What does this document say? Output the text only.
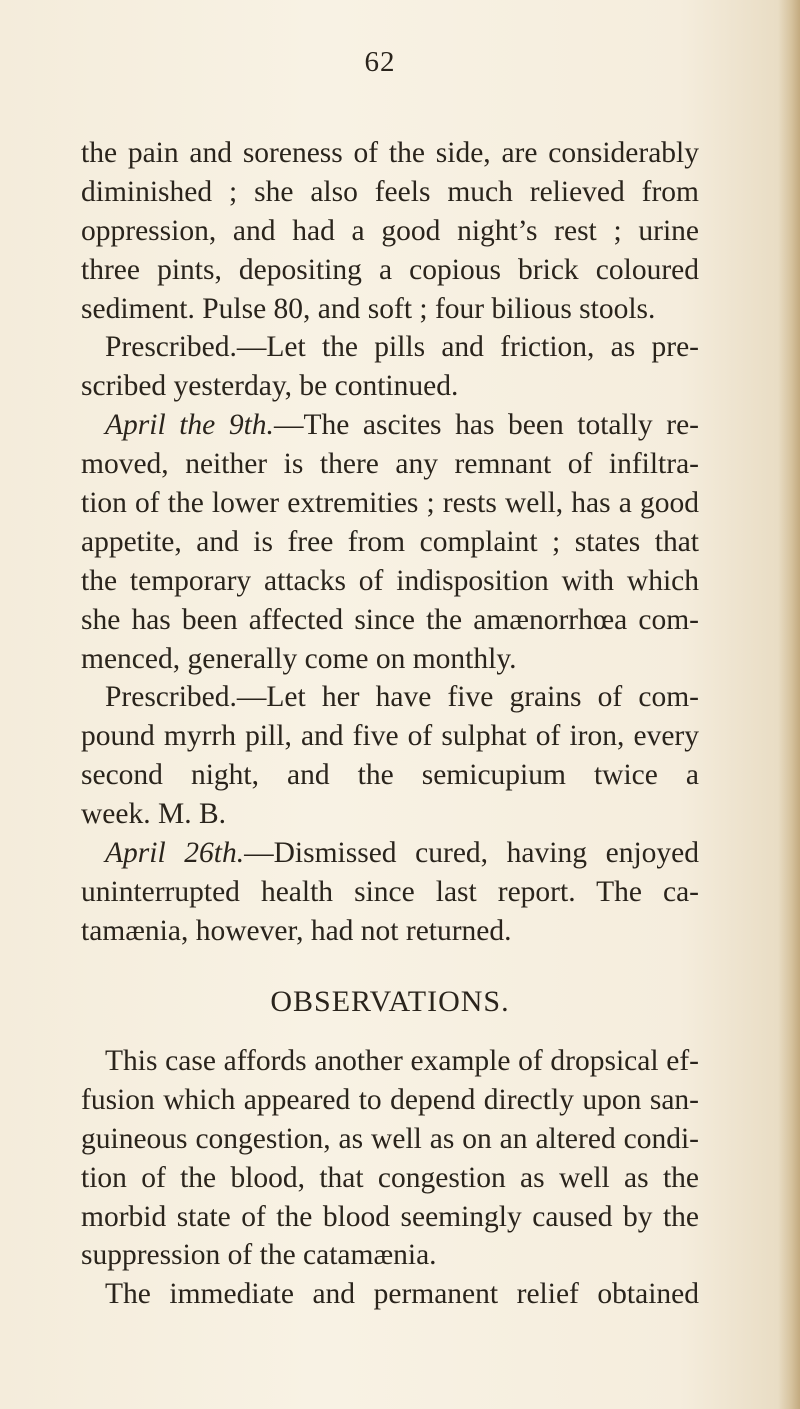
62
the pain and soreness of the side, are considerably
diminished ; she also feels much relieved from
oppression, and had a good night’s rest ; urine
three pints, depositing a copious brick coloured
sediment. Pulse 80, and soft ; four bilious stools.
Prescribed.—Let the pills and friction, as pre-
scribed yesterday, be continued.
April the 9th.—The ascites has been totally re-
moved, neither is there any remnant of infiltra-
tion of the lower extremities ; rests well, has a good
appetite, and is free from complaint ; states that
the temporary attacks of indisposition with which
she has been affected since the amænorrhœa com-
menced, generally come on monthly.
Prescribed.—Let her have five grains of com-
pound myrrh pill, and five of sulphat of iron, every
second night, and the semicupium twice a
week. M. B.
April 26th.—Dismissed cured, having enjoyed
uninterrupted health since last report. The ca-
tamænia, however, had not returned.
OBSERVATIONS.
This case affords another example of dropsical ef-
fusion which appeared to depend directly upon san-
guineous congestion, as well as on an altered condi-
tion of the blood, that congestion as well as the
morbid state of the blood seemingly caused by the
suppression of the catamænia.
The immediate and permanent relief obtained
